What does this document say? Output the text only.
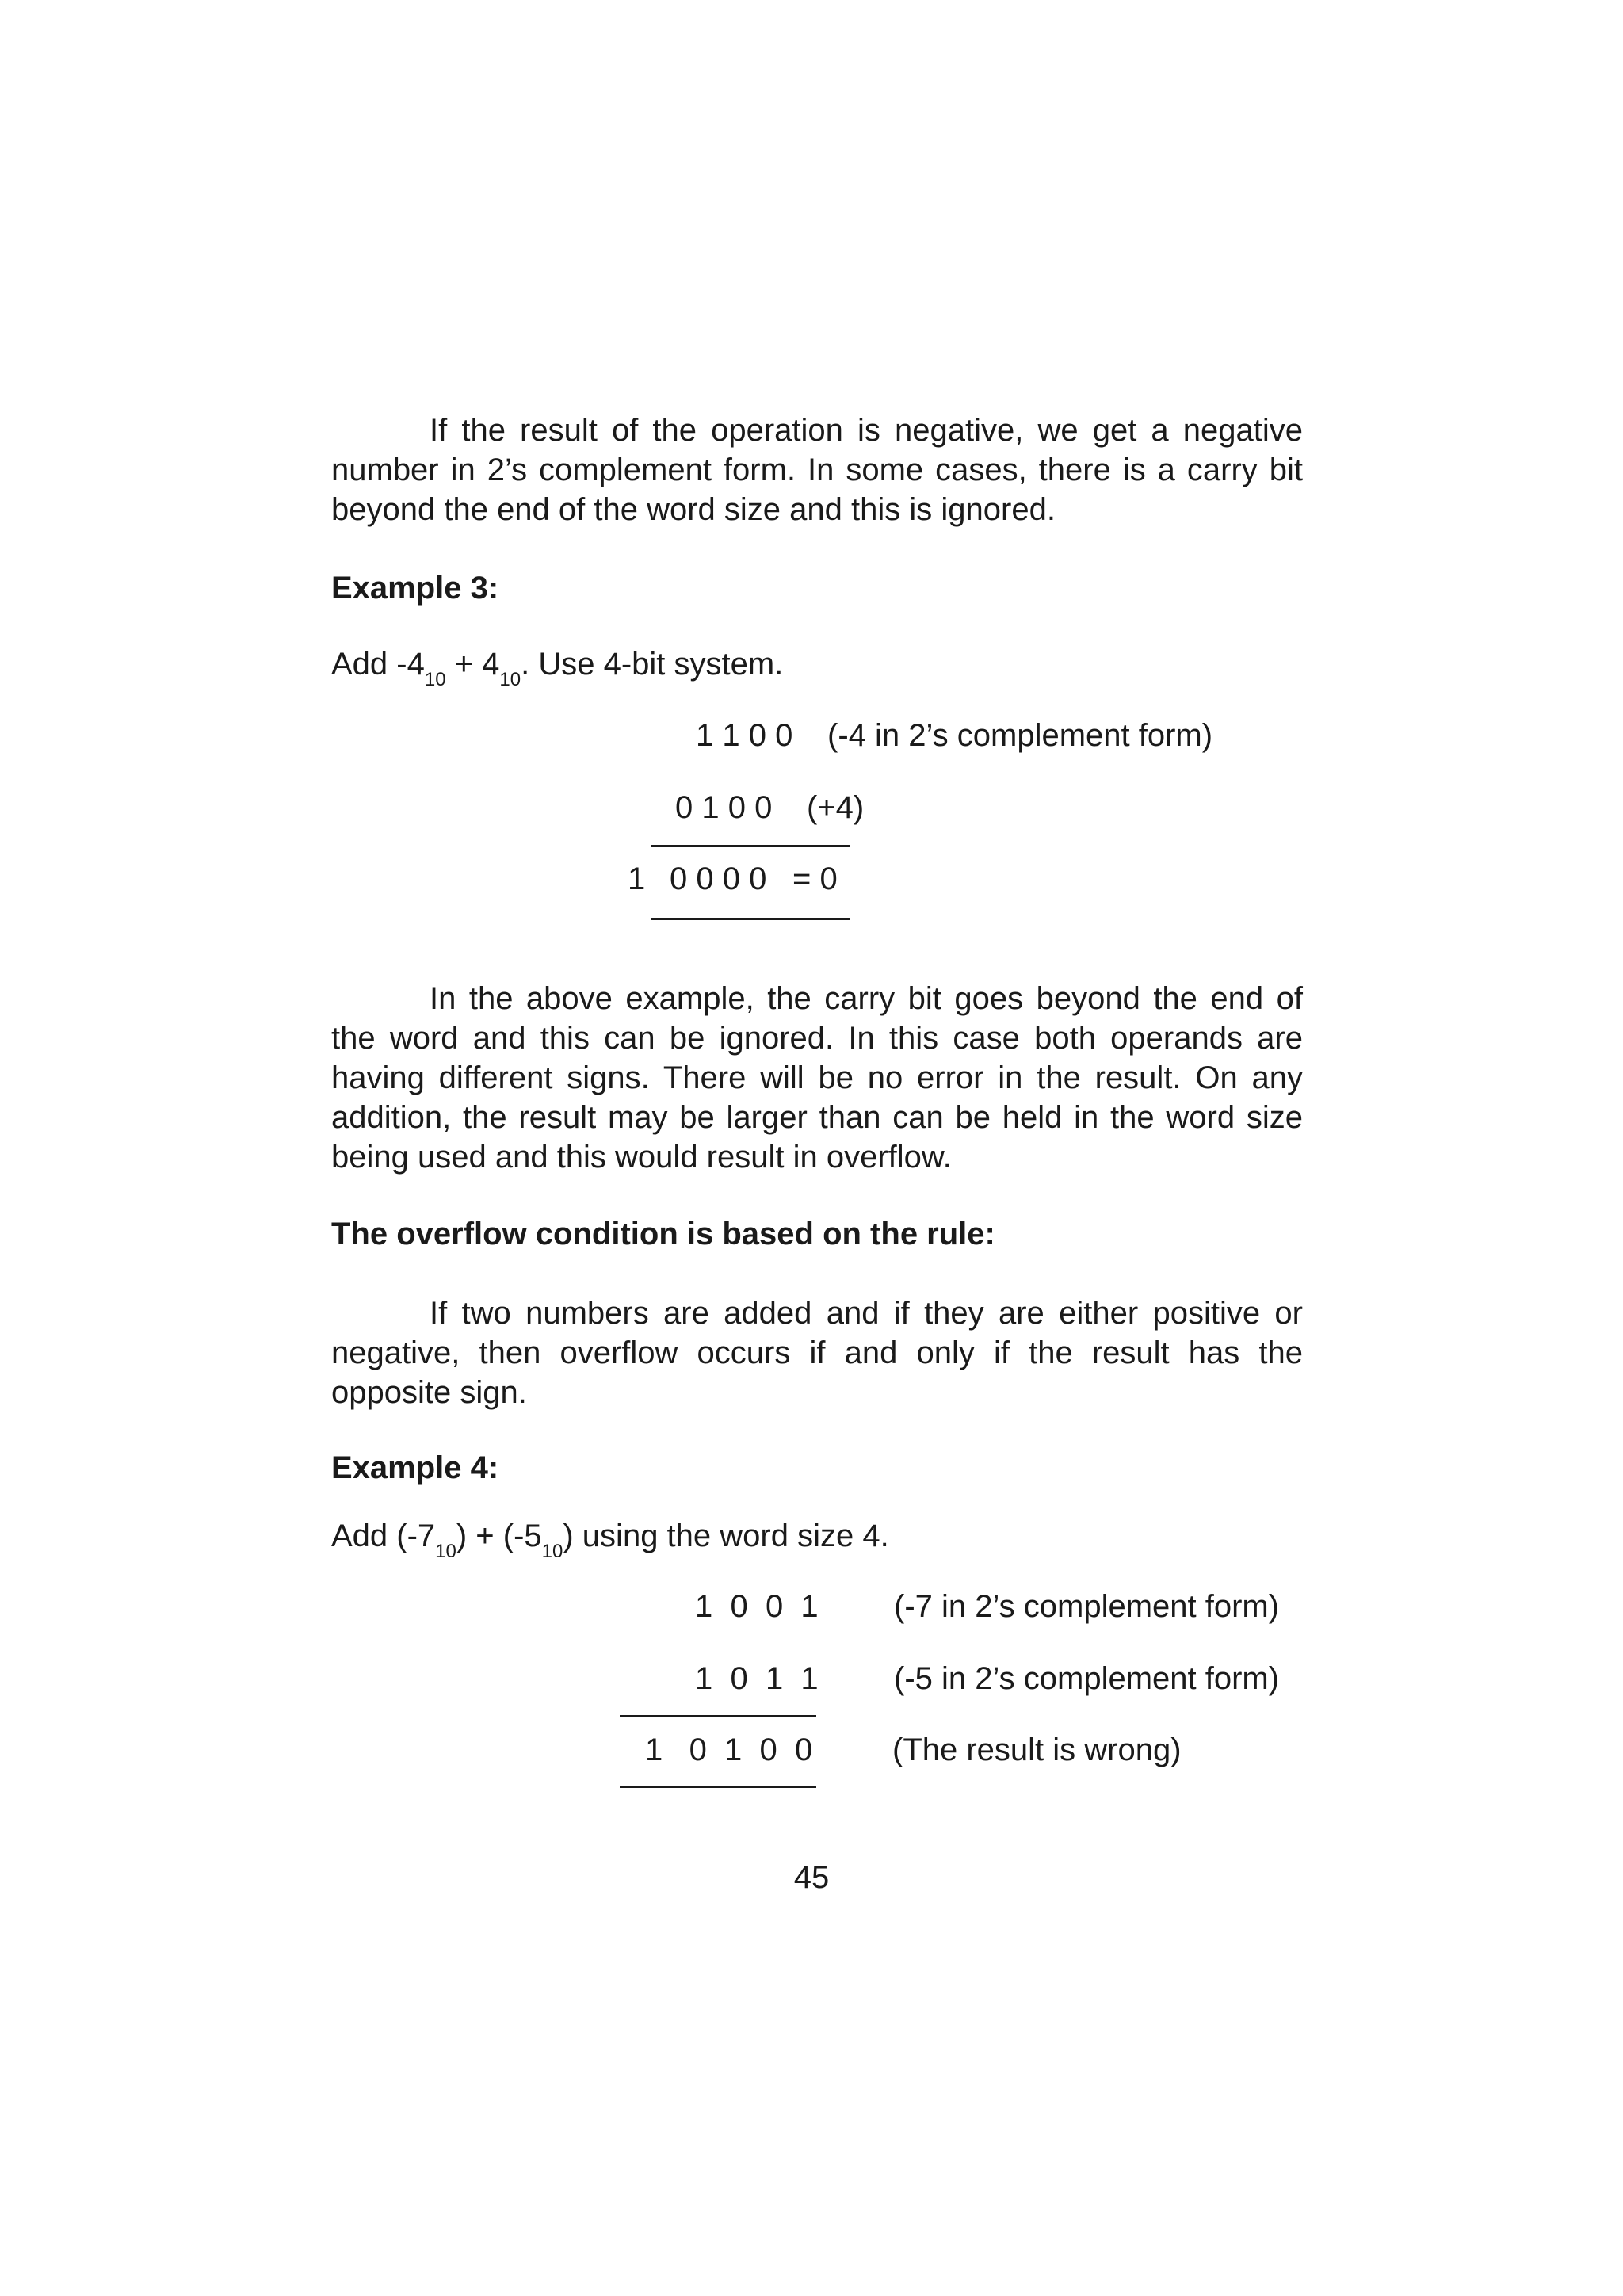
If the result of the operation is negative, we get a negative number in 2’s complement form. In some cases, there is a carry bit beyond the end of the word size and this is ignored.
Example 3:
Add $-4_{10} + 4_{10}$. Use 4-bit system.
1 1 0 0 (-4 in 2’s complement form)
0 1 0 0 (+4)
1 0 0 0 0 = 0
In the above example, the carry bit goes beyond the end of the word and this can be ignored. In this case both operands are having different signs. There will be no error in the result. On any addition, the result may be larger than can be held in the word size being used and this would result in overflow.
The overflow condition is based on the rule:
If two numbers are added and if they are either positive or negative, then overflow occurs if and only if the result has the opposite sign.
Example 4:
Add $(-7_{10}) + (-5_{10})$ using the word size 4.
1  0  0  1 (-7 in 2’s complement form)
1  0  1  1 (-5 in 2’s complement form)
1   0  1  0  0	(The result is wrong)
45
